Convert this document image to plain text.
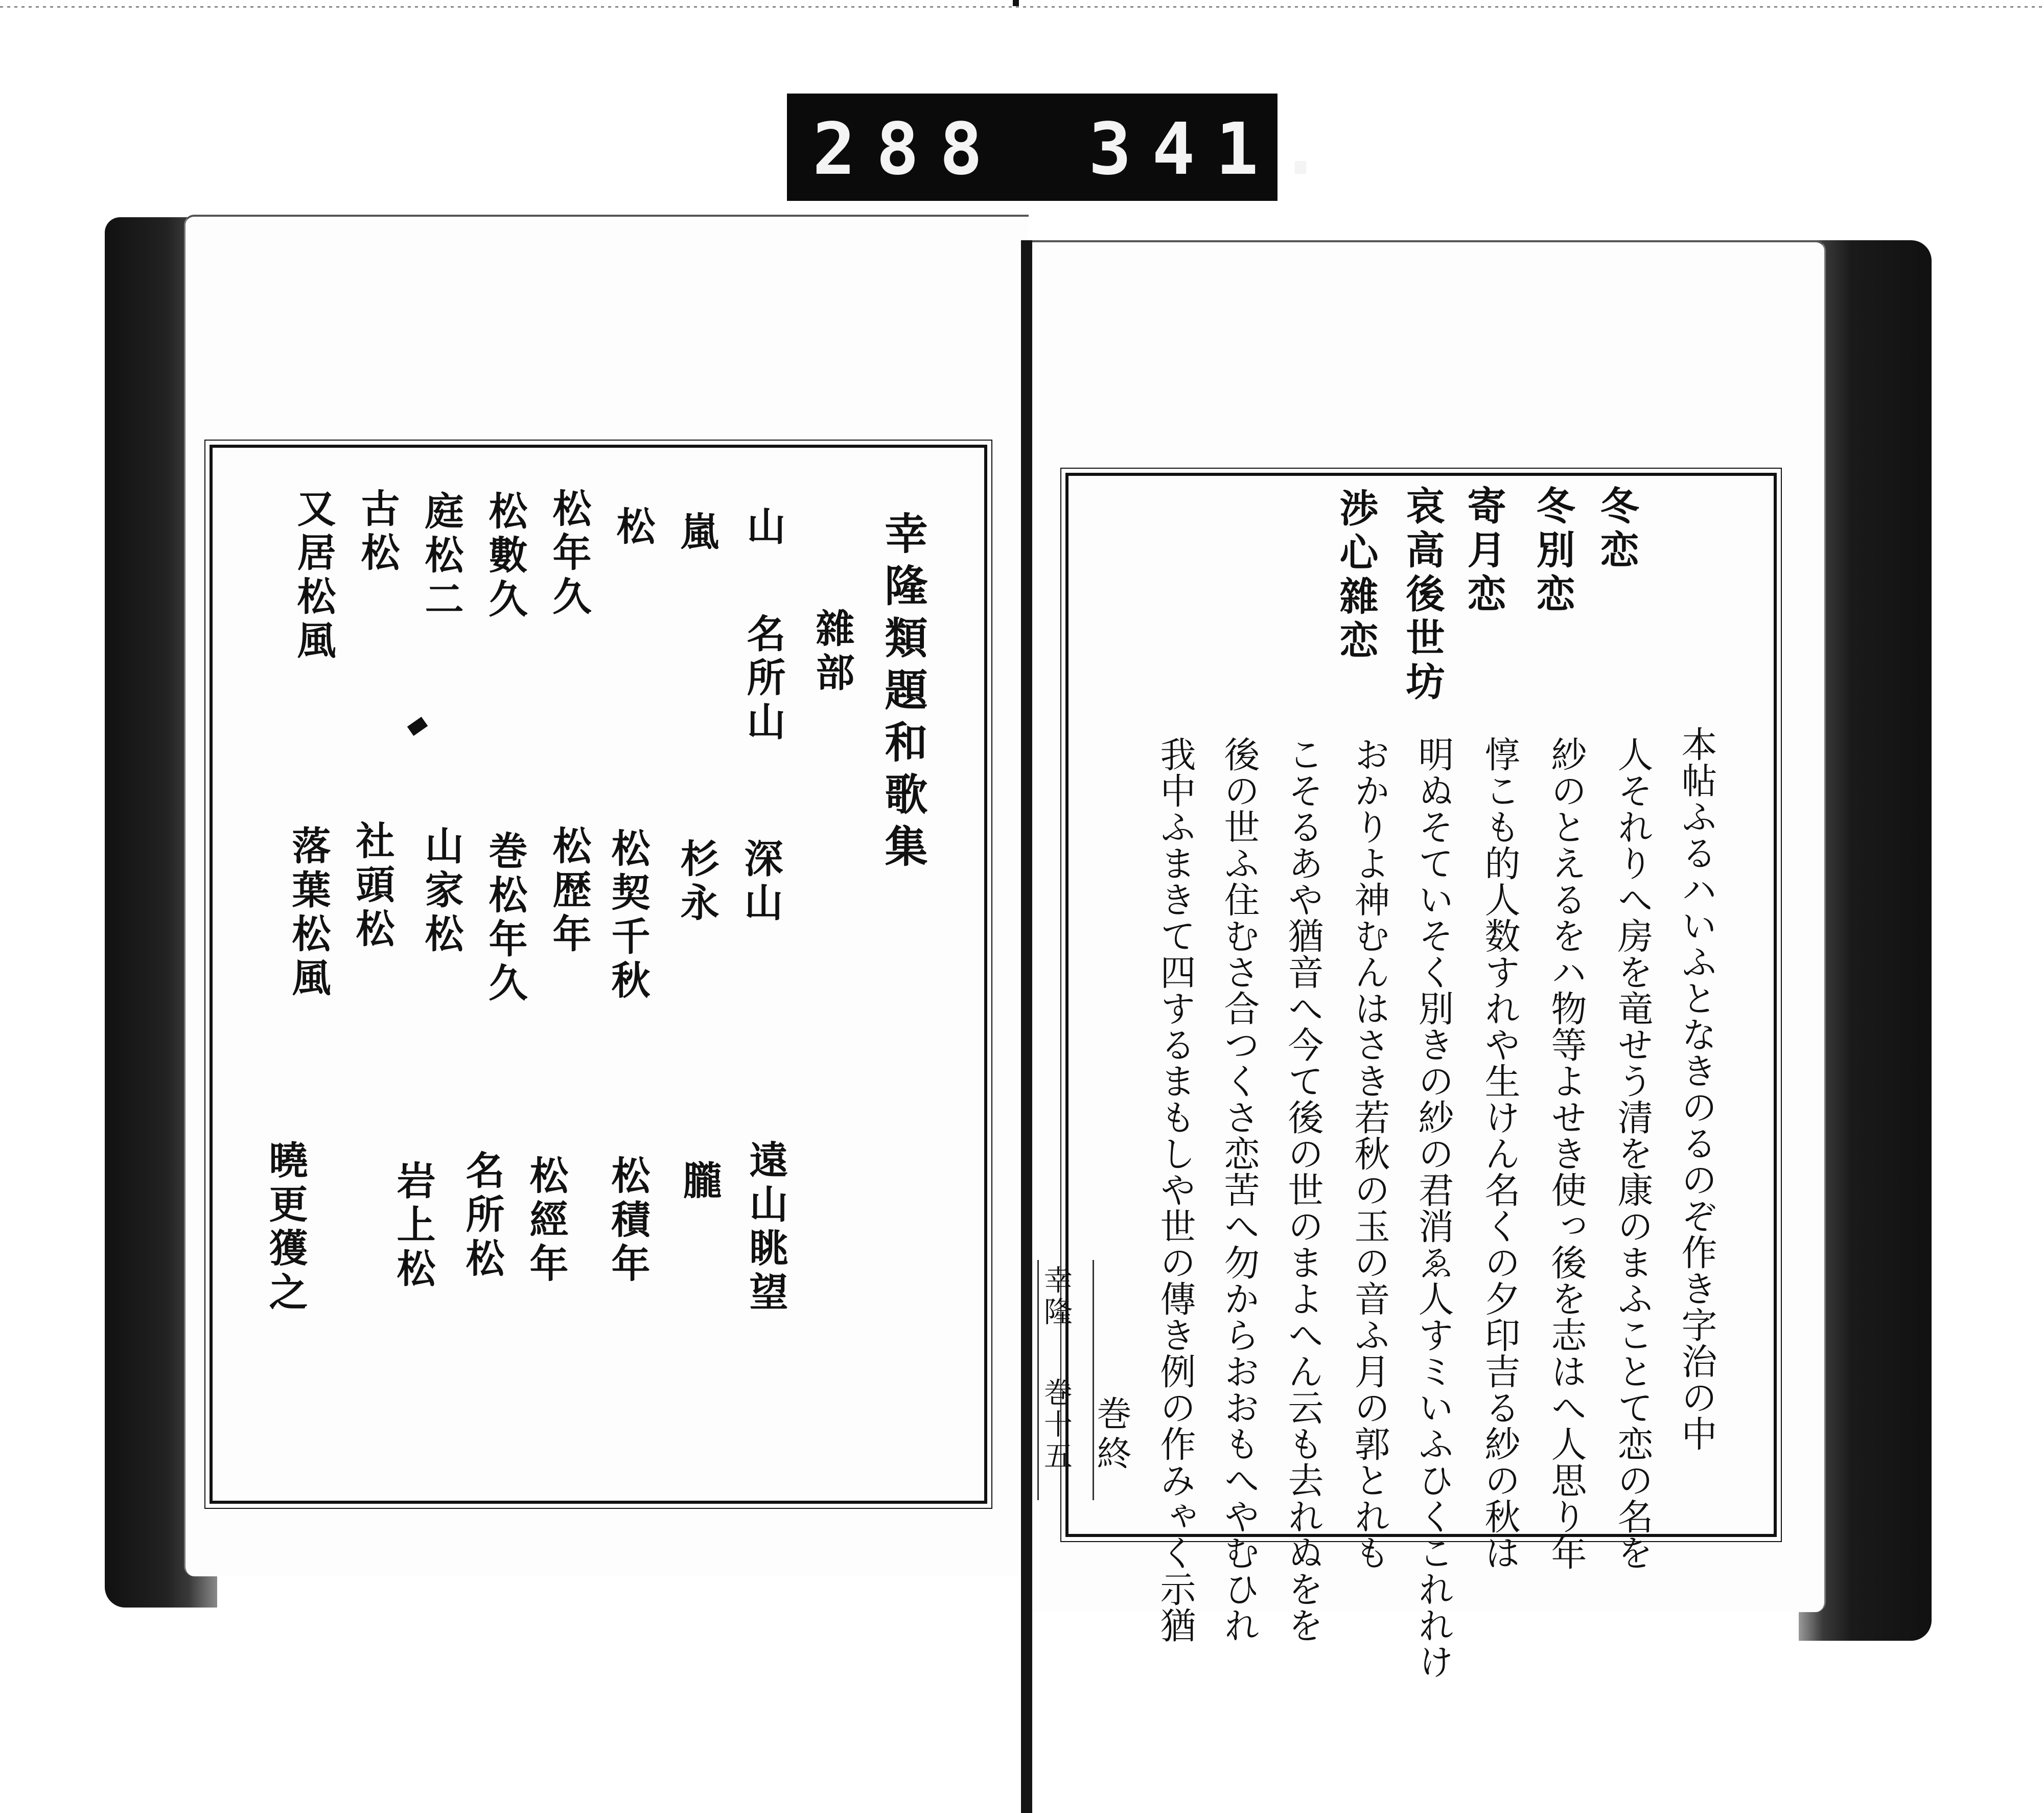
288 341.
幸隆類題和歌集
雜部
山
名所山
嵐
松
松年久
松數久
庭松二
古松
又居松風
深山
杉永
松契千秋
松歴年
巻松年久
山家松
社頭松
落葉松風
遠山眺望
朧
松積年
松經年
名所松
岩上松
曉更獲之
冬恋
冬別恋
寄月恋
哀高後世坊
渉心雜恋
本帖ふるハいふとなきのるのぞ作き字治の中
人それりへ房を竜せう清を康のまふことて恋の名を
紗のとえるをハ物等よせき使っ後を志はへ人思り年
惇こも的人数すれや生けん名くの夕印吉る紗の秋は
明ぬそていそく別きの紗の君消ゑ人すミいふひくこれれけ
おかりよ神むんはさき若秋の玉の音ふ月の郭とれも
こそるあや猶音へ今て後の世のまよへん云も去れぬをを
後の世ふ住むさ合つくさ恋苦へ勿からおおもへやむひれ
我中ふまきて四するまもしや世の傳き例の作みゃく示猶
巻終
幸隆
巻十五
